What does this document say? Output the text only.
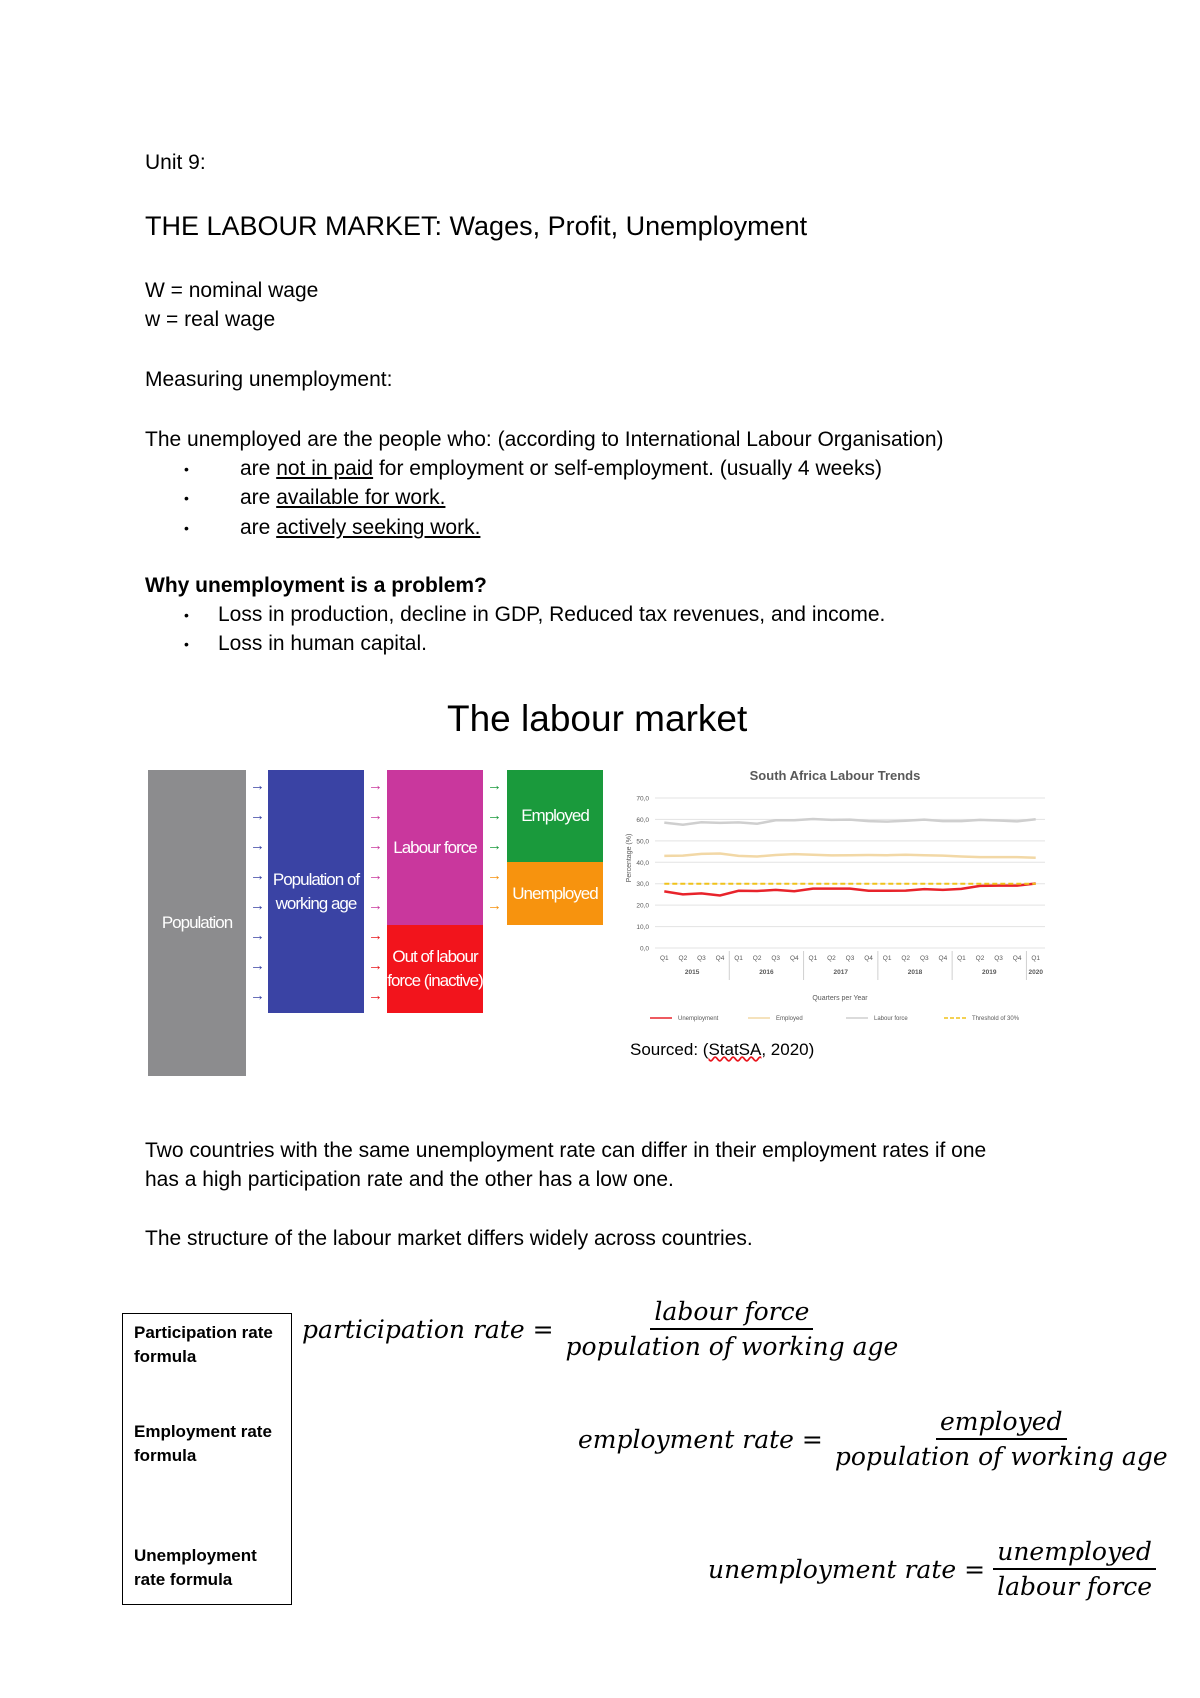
Unit 9:
THE LABOUR MARKET: Wages, Profit, Unemployment
W = nominal wage
w = real wage
Measuring unemployment:
The unemployed are the people who: (according to International Labour Organisation)
• are not in paid for employment or self-employment. (usually 4 weeks)
• are available for work.
• are actively seeking work.
Why unemployment is a problem?
• Loss in production, decline in GDP, Reduced tax revenues, and income.
• Loss in human capital.
The labour market
Population
Population of
working age
Labour force
Out of labour
force (inactive)
Employed
Unemployed
→
→
→
→
→
→
→
→
→
→
→
→
→
→
→
→
→
→
→
→
→
South Africa Labour Trends
Percentage (%)
0,0
10,0
20,0
30,0
40,0
50,0
60,0
70,0
Q1 Q2 Q3 Q4 Q1 Q2 Q3 Q4 Q1 Q2 Q3 Q4 Q1 Q2 Q3 Q4 Q1 Q2 Q3 Q4 Q1
2015	2016	2017	2018	2019	2020
Quarters per Year
Unemployment	Employed	Labour force	Threshold of 30%
Sourced: (StatSA, 2020)
Two countries with the same unemployment rate can differ in their employment rates if one
has a high participation rate and the other has a low one.
The structure of the labour market differs widely across countries.
Participation rate
formula
Employment rate
formula
Unemployment
rate formula
participation rate = $\frac{\text{labour force}}{\text{population of working age}}$
employment rate = $\frac{\text{employed}}{\text{population of working age}}$
unemployment rate = $\frac{\text{unemployed}}{\text{labour force}}$
